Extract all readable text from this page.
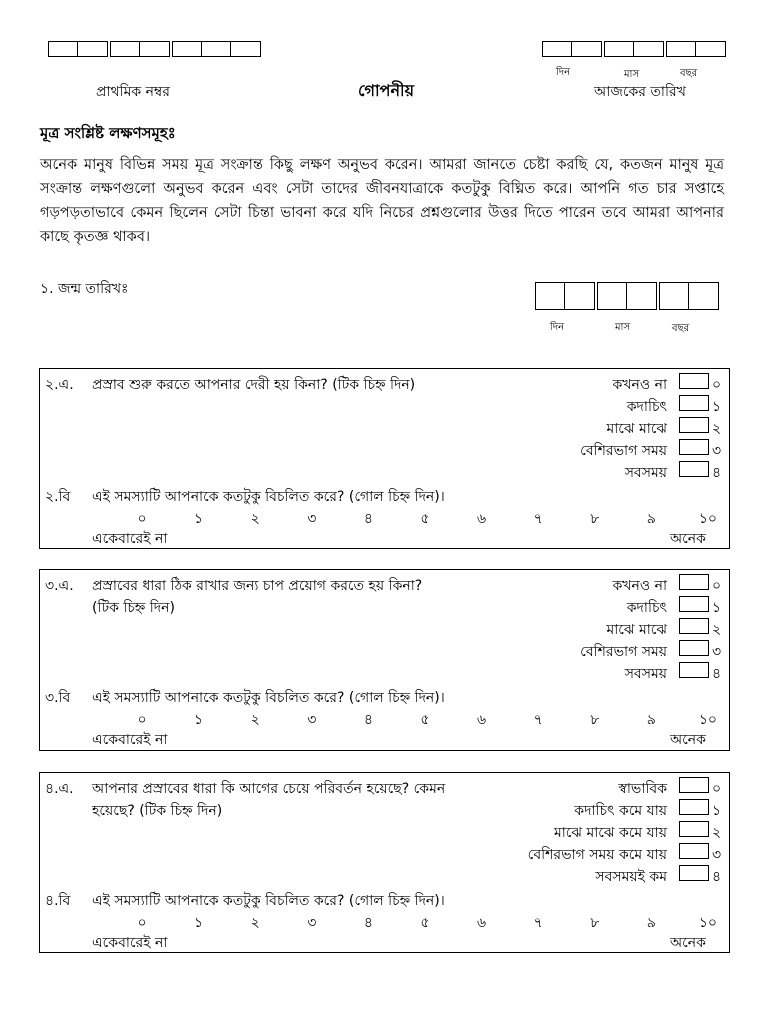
প্রাথমিক নম্বর	গোপনীয়
দিন	মাস	বছর
আজকের তারিখ
মূত্র সংশ্লিষ্ট লক্ষণসমূহঃ
অনেক মানুষ বিভিন্ন সময় মূত্র সংক্রান্ত কিছু লক্ষণ অনুভব করেন। আমরা জানতে চেষ্টা করছি যে, কতজন মানুষ মূত্র সংক্রান্ত লক্ষণগুলো অনুভব করেন এবং সেটা তাদের জীবনযাত্রাকে কতটুকু বিঘ্নিত করে। আপনি গত চার সপ্তাহে গড়পড়তাভাবে কেমন ছিলেন সেটা চিন্তা ভাবনা করে যদি নিচের প্রশ্নগুলোর উত্তর দিতে পারেন তবে আমরা আপনার কাছে কৃতজ্ঞ থাকব।
১. জন্ম তারিখঃ
দিন	মাস	বছর
২.এ. প্রস্রাব শুরু করতে আপনার দেরী হয় কিনা? (টিক চিহ্ন দিন)	কখনও না	০
কদাচিৎ	১
মাঝে মাঝে	২
বেশিরভাগ সময়	৩
সবসময়	৪
২.বি এই সমস্যাটি আপনাকে কতটুকু বিচলিত করে? (গোল চিহ্ন দিন)।
০	১	২	৩	৪	৫	৬	৭	৮	৯	১০
একেবারেই না	অনেক
৩.এ. প্রস্রাবের ধারা ঠিক রাখার জন্য চাপ প্রয়োগ করতে হয় কিনা?
(টিক চিহ্ন দিন)
কখনও না	০
কদাচিৎ	১
মাঝে মাঝে	২
বেশিরভাগ সময়	৩
সবসময়	৪
৩.বি এই সমস্যাটি আপনাকে কতটুকু বিচলিত করে? (গোল চিহ্ন দিন)।
০	১	২	৩	৪	৫	৬	৭	৮	৯	১০
একেবারেই না	অনেক
৪.এ. আপনার প্রস্রাবের ধারা কি আগের চেয়ে পরিবর্তন হয়েছে? কেমন
হয়েছে? (টিক চিহ্ন দিন)
স্বাভাবিক	০
কদাচিৎ কমে যায়	১
মাঝে মাঝে কমে যায়	২
বেশিরভাগ সময় কমে যায়	৩
সবসময়ই কম	৪
৪.বি এই সমস্যাটি আপনাকে কতটুকু বিচলিত করে? (গোল চিহ্ন দিন)।
০	১	২	৩	৪	৫	৬	৭	৮	৯	১০
একেবারেই না	অনেক
